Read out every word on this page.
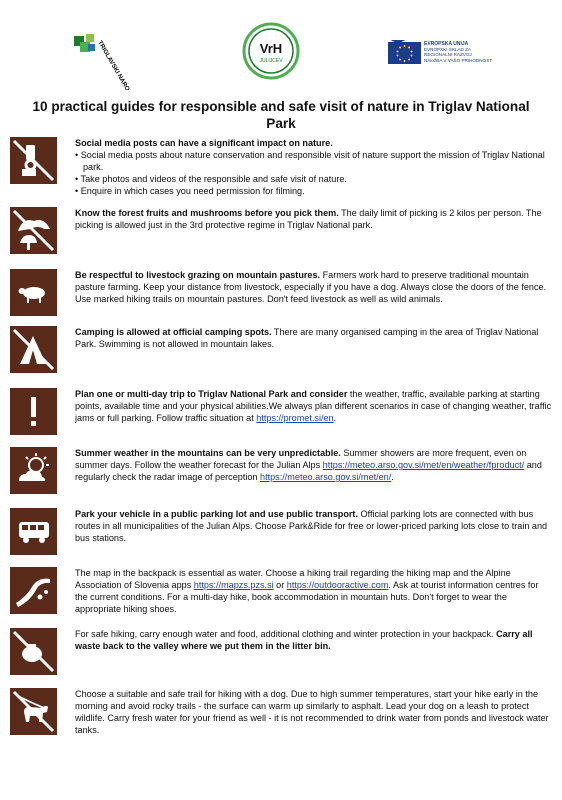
TRIGLAVSKI NARODNI PARK	VrH
JULIJCEV
EVROPSKA UNIJA
EVROPSKI SKLAD ZA
REGIONALNI RAZVOJ
NAložBA V VAŠO PRIHODNOST
10 practical guides for responsible and safe visit of nature in Triglav National Park
Social media posts can have a significant impact on nature.
• Social media posts about nature conservation and responsible visit of nature support the mission of Triglav National park.
• Take photos and videos of the responsible and safe visit of nature.
• Enquire in which cases you need permission for filming.
Know the forest fruits and mushrooms before you pick them. The daily limit of picking is 2 kilos per person. The picking is allowed just in the 3rd protective regime in Triglav National park.
Be respectful to livestock grazing on mountain pastures. Farmers work hard to preserve traditional mountain pasture farming. Keep your distance from livestock, especially if you have a dog. Always close the doors of the fence. Use marked hiking trails on mountain pastures. Don't feed livestock as well as wild animals.
Camping is allowed at official camping spots. There are many organised camping in the area of Triglav National Park. Swimming is not allowed in mountain lakes.
Plan one or multi-day trip to Triglav National Park and consider the weather, traffic, available parking at starting points, available time and your physical abilities.We always plan different scenarios in case of changing weather, traffic jams or full parking. Follow traffic situation at https://promet.si/en.
Summer weather in the mountains can be very unpredictable. Summer showers are more frequent, even on summer days. Follow the weather forecast for the Julian Alps https://meteo.arso.gov.si/met/en/weather/fproduct/ and regularly check the radar image of perception https://meteo.arso.gov.si/met/en/.
Park your vehicle in a public parking lot and use public transport. Official parking lots are connected with bus routes in all municipalities of the Julian Alps. Choose Park&Ride for free or lower-priced parking lots close to train and bus stations.
The map in the backpack is essential as water. Choose a hiking trail regarding the hiking map and the Alpine Association of Slovenia apps https://mapzs.pzs.si or https://outdooractive.com. Ask at tourist information centres for the current conditions. For a multi-day hike, book accommodation in mountain huts. Don't forget to wear the appropriate hiking shoes.
For safe hiking, carry enough water and food, additional clothing and winter protection in your backpack. Carry all waste back to the valley where we put them in the litter bin.
Choose a suitable and safe trail for hiking with a dog. Due to high summer temperatures, start your hike early in the morning and avoid rocky trails - the surface can warm up similarly to asphalt. Lead your dog on a leash to protect wildlife. Carry fresh water for your friend as well - it is not recommended to drink water from ponds and livestock water tanks.
